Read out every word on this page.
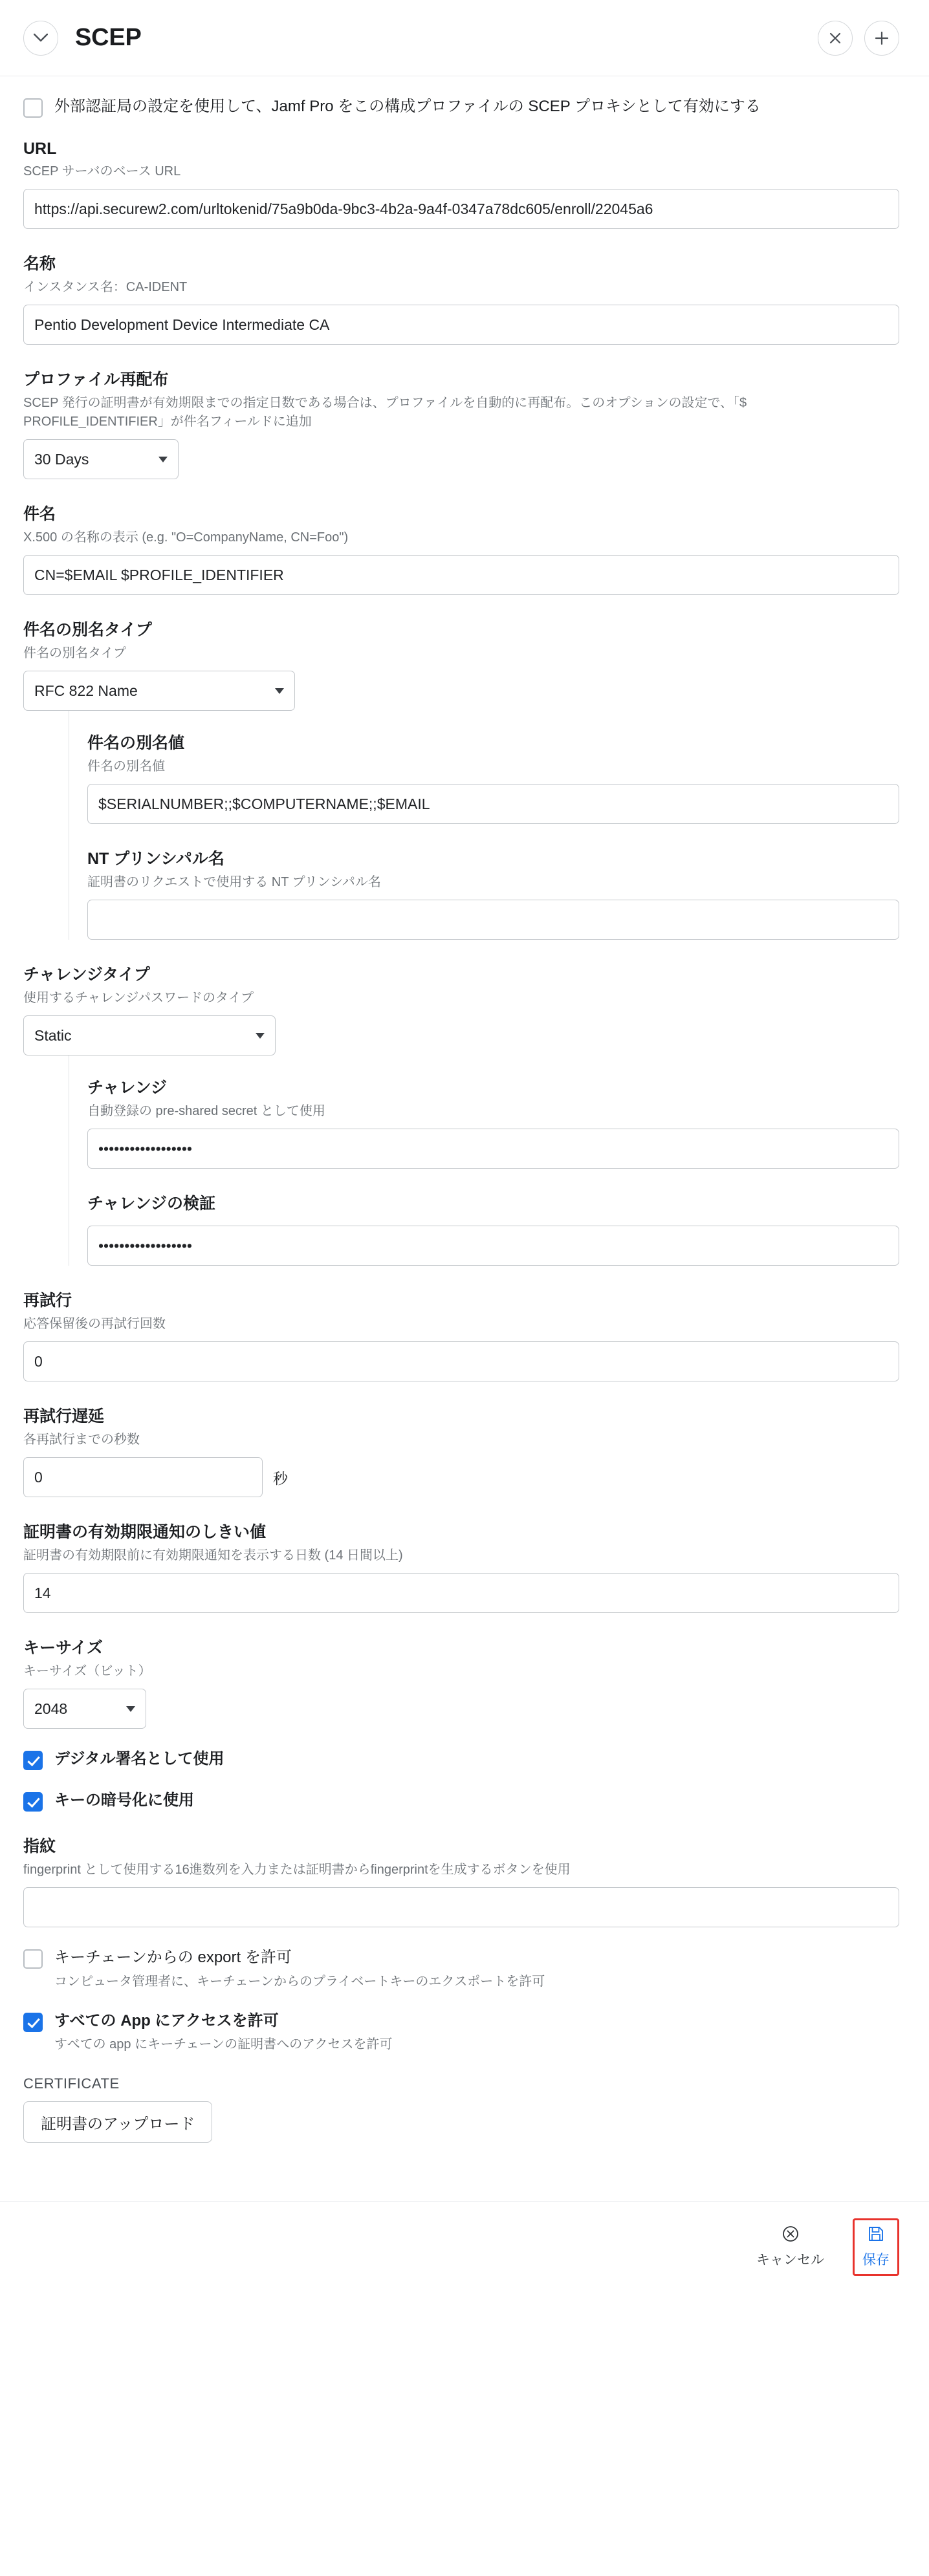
SCEP
外部認証局の設定を使用して、Jamf Pro をこの構成プロファイルの SCEP プロキシとして有効にする
URL
SCEP サーバのベース URL
https://api.securew2.com/urltokenid/75a9b0da-9bc3-4b2a-9a4f-0347a78dc605/enroll/22045a6
名称
インスタンス名：CA-IDENT
Pentio Development Device Intermediate CA
プロファイル再配布
SCEP 発行の証明書が有効期限までの指定日数である場合は、プロファイルを自動的に再配布。このオプションの設定で、「$ PROFILE_IDENTIFIER」が件名フィールドに追加
30 Days
件名
X.500 の名称の表示 (e.g. "O=CompanyName, CN=Foo")
CN=$EMAIL $PROFILE_IDENTIFIER
件名の別名タイプ
件名の別名タイプ
RFC 822 Name
件名の別名値
件名の別名値
$SERIALNUMBER;;$COMPUTERNAME;;$EMAIL
NT プリンシパル名
証明書のリクエストで使用する NT プリンシパル名
チャレンジタイプ
使用するチャレンジパスワードのタイプ
Static
チャレンジ
自動登録の pre-shared secret として使用
••••••••••••••••••
チャレンジの検証
••••••••••••••••••
再試行
応答保留後の再試行回数
0
再試行遅延
各再試行までの秒数
0
秒
証明書の有効期限通知のしきい値
証明書の有効期限前に有効期限通知を表示する日数 (14 日間以上)
14
キーサイズ
キーサイズ（ビット）
2048
デジタル署名として使用
キーの暗号化に使用
指紋
fingerprint として使用する16進数列を入力または証明書からfingerprintを生成するボタンを使用
キーチェーンからの export を許可
コンピュータ管理者に、キーチェーンからのプライベートキーのエクスポートを許可
すべての App にアクセスを許可
すべての app にキーチェーンの証明書へのアクセスを許可
CERTIFICATE
証明書のアップロード
キャンセル	保存
